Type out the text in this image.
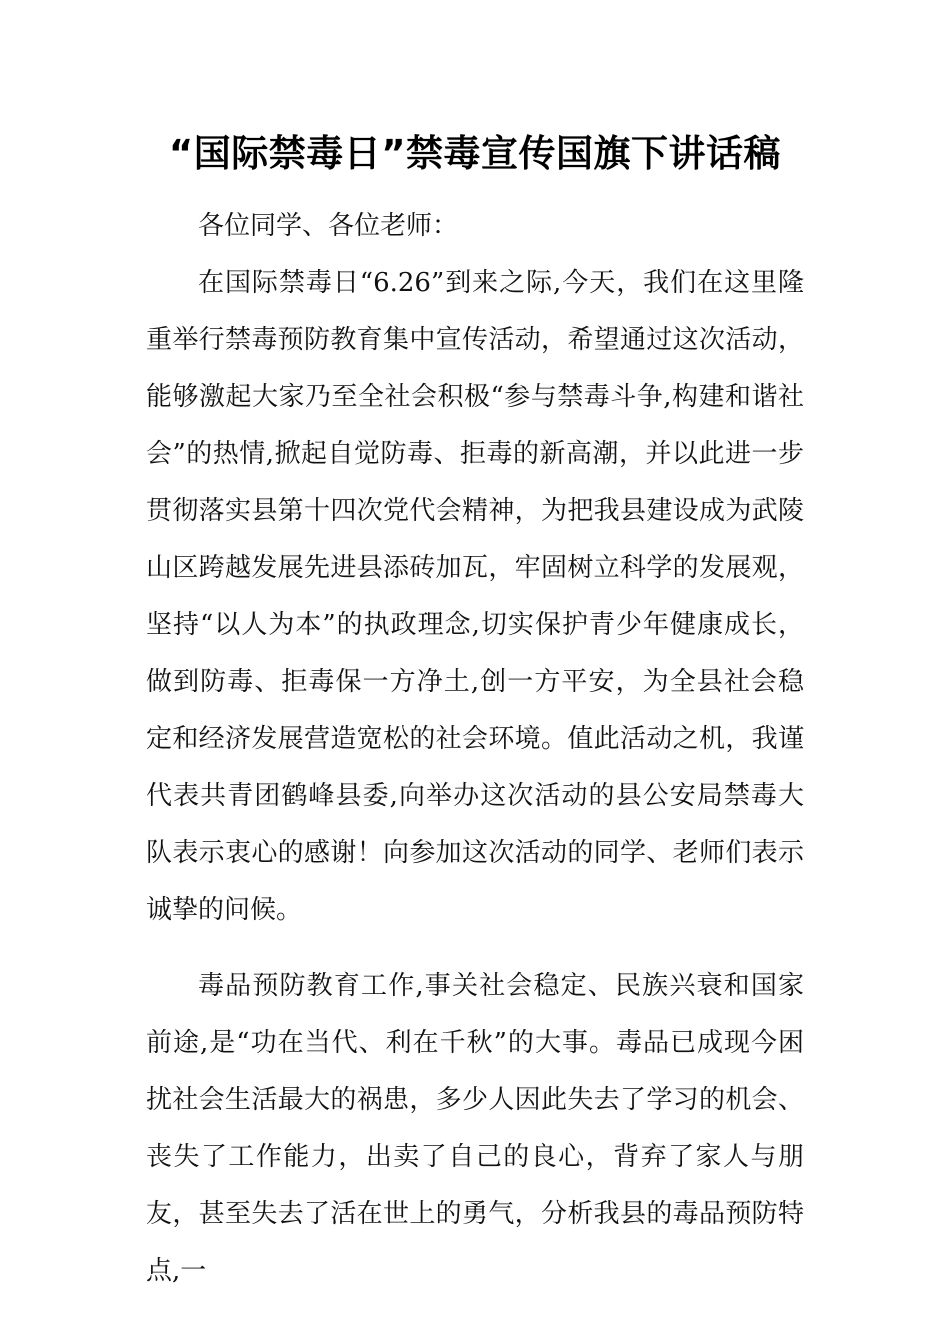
“国际禁毒日”禁毒宣传国旗下讲话稿

各位同学、各位老师：

在国际禁毒日“6.26”到来之际,今天，我们在这里隆重举行禁毒预防教育集中宣传活动，希望通过这次活动，能够激起大家乃至全社会积极“参与禁毒斗争,构建和谐社会”的热情,掀起自觉防毒、拒毒的新高潮，并以此进一步贯彻落实县第十四次党代会精神，为把我县建设成为武陵山区跨越发展先进县添砖加瓦，牢固树立科学的发展观，坚持“以人为本”的执政理念,切实保护青少年健康成长，做到防毒、拒毒保一方净土,创一方平安，为全县社会稳定和经济发展营造宽松的社会环境。值此活动之机，我谨代表共青团鹤峰县委,向举办这次活动的县公安局禁毒大队表示衷心的感谢！向参加这次活动的同学、老师们表示诚挚的问候。

毒品预防教育工作,事关社会稳定、民族兴衰和国家前途,是“功在当代、利在千秋”的大事。毒品已成现今困扰社会生活最大的祸患，多少人因此失去了学习的机会、丧失了工作能力，出卖了自己的良心，背弃了家人与朋友，甚至失去了活在世上的勇气，分析我县的毒品预防特点,一
